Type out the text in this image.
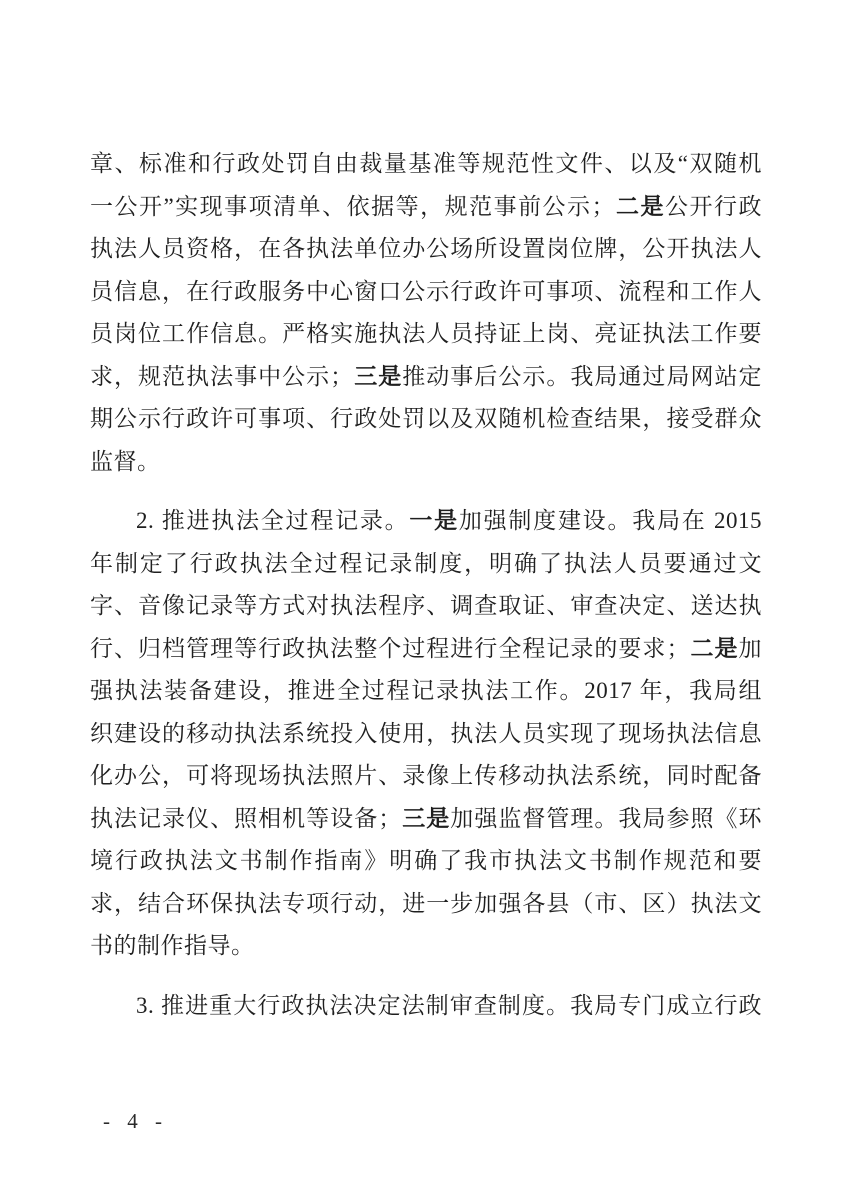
章、标准和行政处罚自由裁量基准等规范性文件、以及“双随机
一公开”实现事项清单、依据等，规范事前公示；二是公开行政
执法人员资格，在各执法单位办公场所设置岗位牌，公开执法人
员信息，在行政服务中心窗口公示行政许可事项、流程和工作人
员岗位工作信息。严格实施执法人员持证上岗、亮证执法工作要
求，规范执法事中公示；三是推动事后公示。我局通过局网站定
期公示行政许可事项、行政处罚以及双随机检查结果，接受群众
监督。
2. 推进执法全过程记录。一是加强制度建设。我局在 2015
年制定了行政执法全过程记录制度，明确了执法人员要通过文
字、音像记录等方式对执法程序、调查取证、审查决定、送达执
行、归档管理等行政执法整个过程进行全程记录的要求；二是加
强执法装备建设，推进全过程记录执法工作。2017 年，我局组
织建设的移动执法系统投入使用，执法人员实现了现场执法信息
化办公，可将现场执法照片、录像上传移动执法系统，同时配备
执法记录仪、照相机等设备；三是加强监督管理。我局参照《环
境行政执法文书制作指南》明确了我市执法文书制作规范和要
求，结合环保执法专项行动，进一步加强各县（市、区）执法文
书的制作指导。
3. 推进重大行政执法决定法制审查制度。我局专门成立行政
- 4 -
